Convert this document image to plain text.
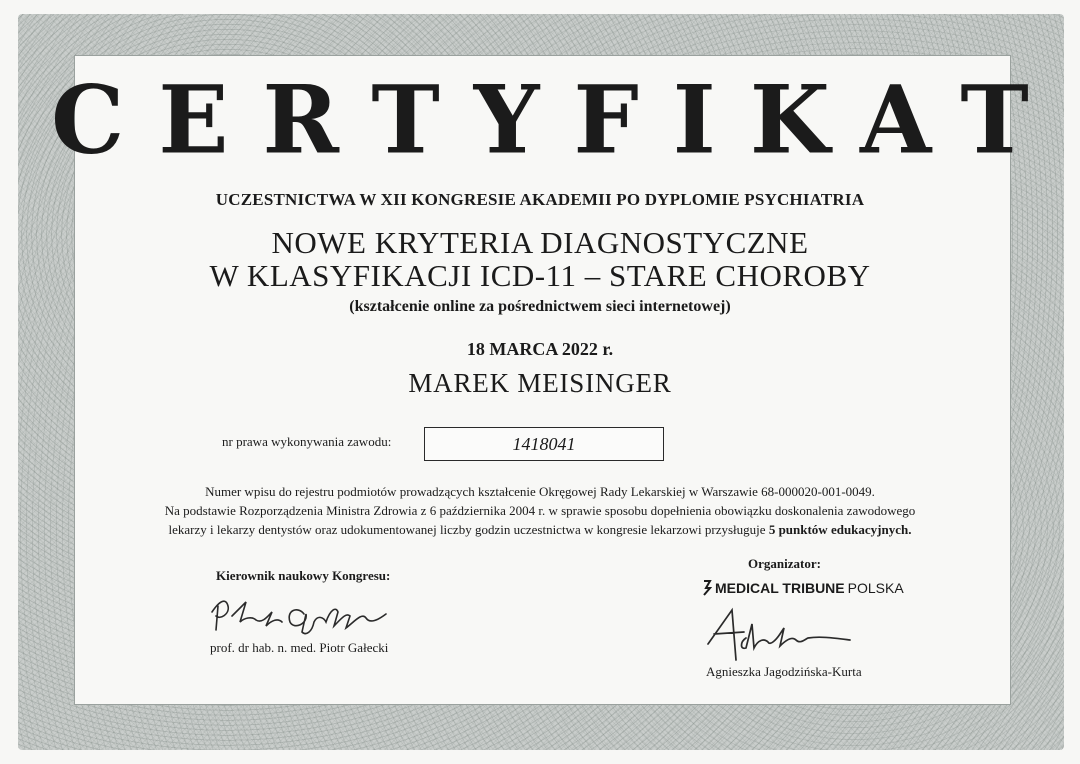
CERTYFIKAT
UCZESTNICTWA W XII KONGRESIE AKADEMII PO DYPLOMIE PSYCHIATRIA
NOWE KRYTERIA DIAGNOSTYCZNE
W KLASYFIKACJI ICD-11 – STARE CHOROBY
(kształcenie online za pośrednictwem sieci internetowej)
18 MARCA 2022 r.
MAREK MEISINGER
nr prawa wykonywania zawodu:	1418041
Numer wpisu do rejestru podmiotów prowadzących kształcenie Okręgowej Rady Lekarskiej w Warszawie 68-000020-001-0049.
Na podstawie Rozporządzenia Ministra Zdrowia z 6 października 2004 r. w sprawie sposobu dopełnienia obowiązku doskonalenia zawodowego
lekarzy i lekarzy dentystów oraz udokumentowanej liczby godzin uczestnictwa w kongresie lekarzowi przysługuje 5 punktów edukacyjnych.
Kierownik naukowy Kongresu:
prof. dr hab. n. med. Piotr Gałecki
Organizator:
MEDICAL TRIBUNE POLSKA
Agnieszka Jagodzińska-Kurta
